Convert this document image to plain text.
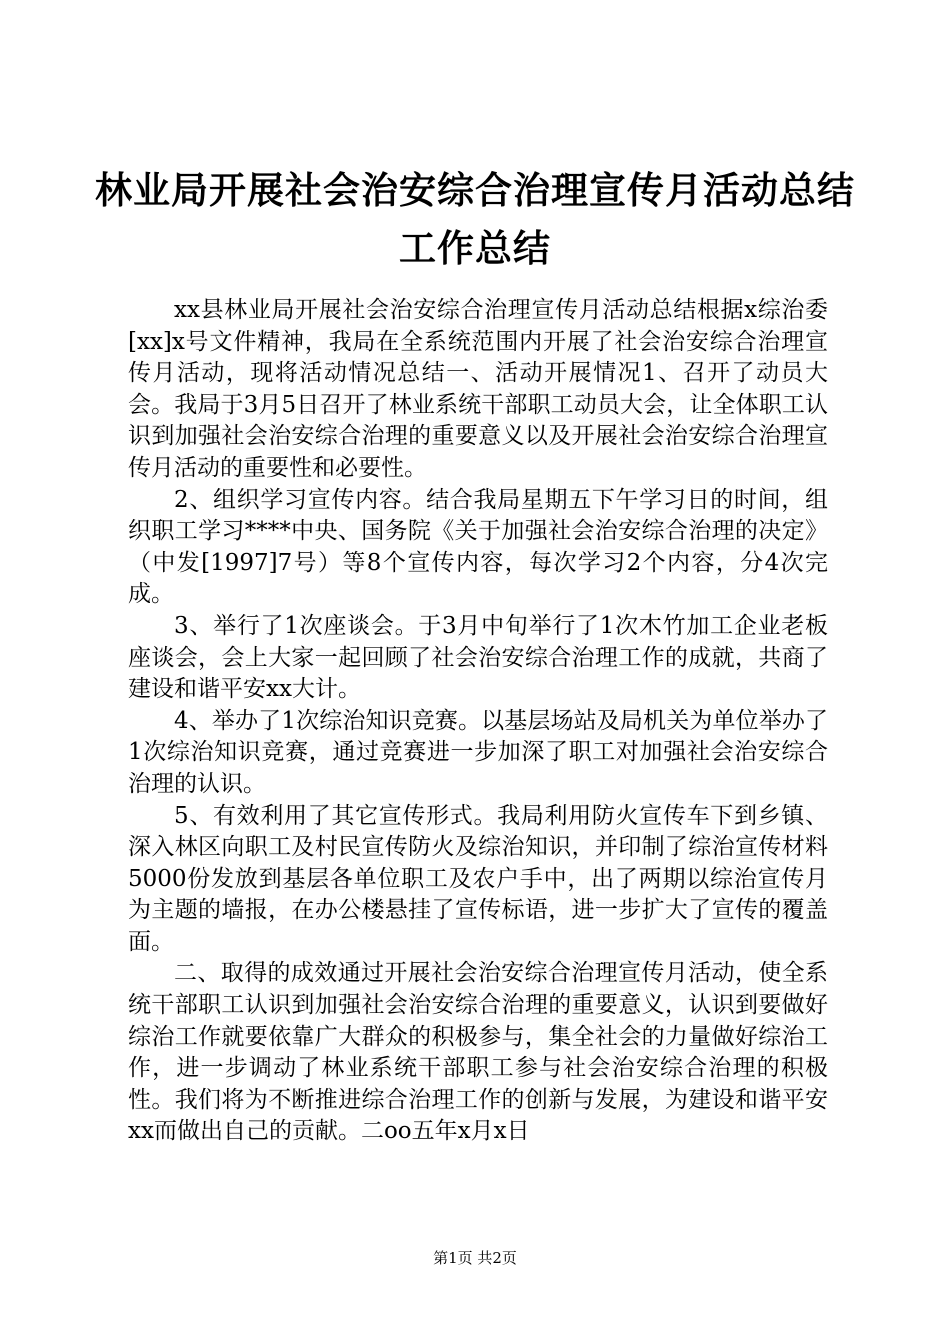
林业局开展社会治安综合治理宣传月活动总结
工作总结

xx县林业局开展社会治安综合治理宣传月活动总结根据x综治委[xx]x号文件精神，我局在全系统范围内开展了社会治安综合治理宣传月活动，现将活动情况总结一、活动开展情况1、召开了动员大会。我局于3月5日召开了林业系统干部职工动员大会，让全体职工认识到加强社会治安综合治理的重要意义以及开展社会治安综合治理宣传月活动的重要性和必要性。

2、组织学习宣传内容。结合我局星期五下午学习日的时间，组织职工学习****中央、国务院《关于加强社会治安综合治理的决定》（中发[1997]7号）等8个宣传内容，每次学习2个内容，分4次完成。

3、举行了1次座谈会。于3月中旬举行了1次木竹加工企业老板座谈会，会上大家一起回顾了社会治安综合治理工作的成就，共商了建设和谐平安xx大计。

4、举办了1次综治知识竞赛。以基层场站及局机关为单位举办了1次综治知识竞赛，通过竞赛进一步加深了职工对加强社会治安综合治理的认识。

5、有效利用了其它宣传形式。我局利用防火宣传车下到乡镇、深入林区向职工及村民宣传防火及综治知识，并印制了综治宣传材料5000份发放到基层各单位职工及农户手中，出了两期以综治宣传月为主题的墙报，在办公楼悬挂了宣传标语，进一步扩大了宣传的覆盖面。

二、取得的成效通过开展社会治安综合治理宣传月活动，使全系统干部职工认识到加强社会治安综合治理的重要意义，认识到要做好综治工作就要依靠广大群众的积极参与，集全社会的力量做好综治工作，进一步调动了林业系统干部职工参与社会治安综合治理的积极性。我们将为不断推进综合治理工作的创新与发展，为建设和谐平安xx而做出自己的贡献。二oo五年x月x日

第1页 共2页
